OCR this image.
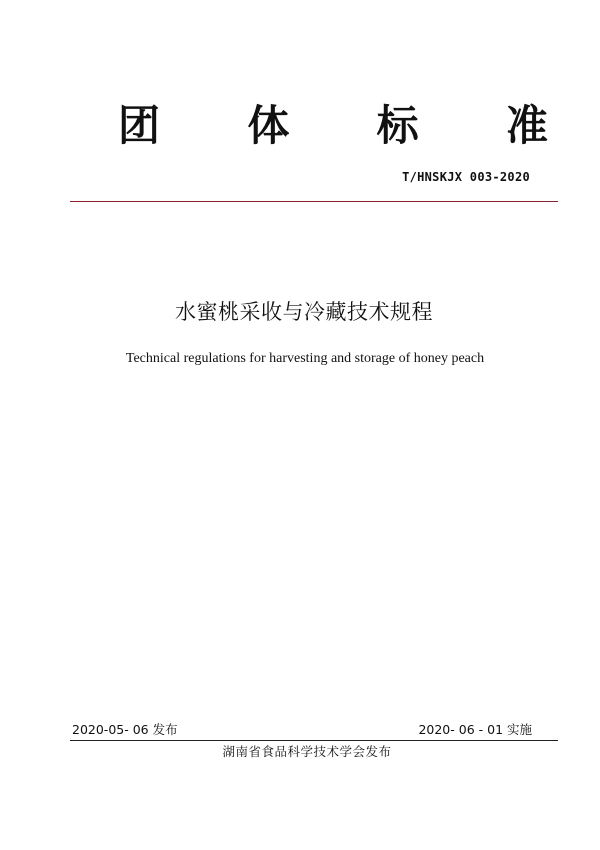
团 体 标 准
T/HNSKJX 003-2020
水蜜桃采收与冷藏技术规程
Technical regulations for harvesting and storage of honey peach
2020-05- 06 发布	2020- 06 - 01 实施
湖南省食品科学技术学会发布
